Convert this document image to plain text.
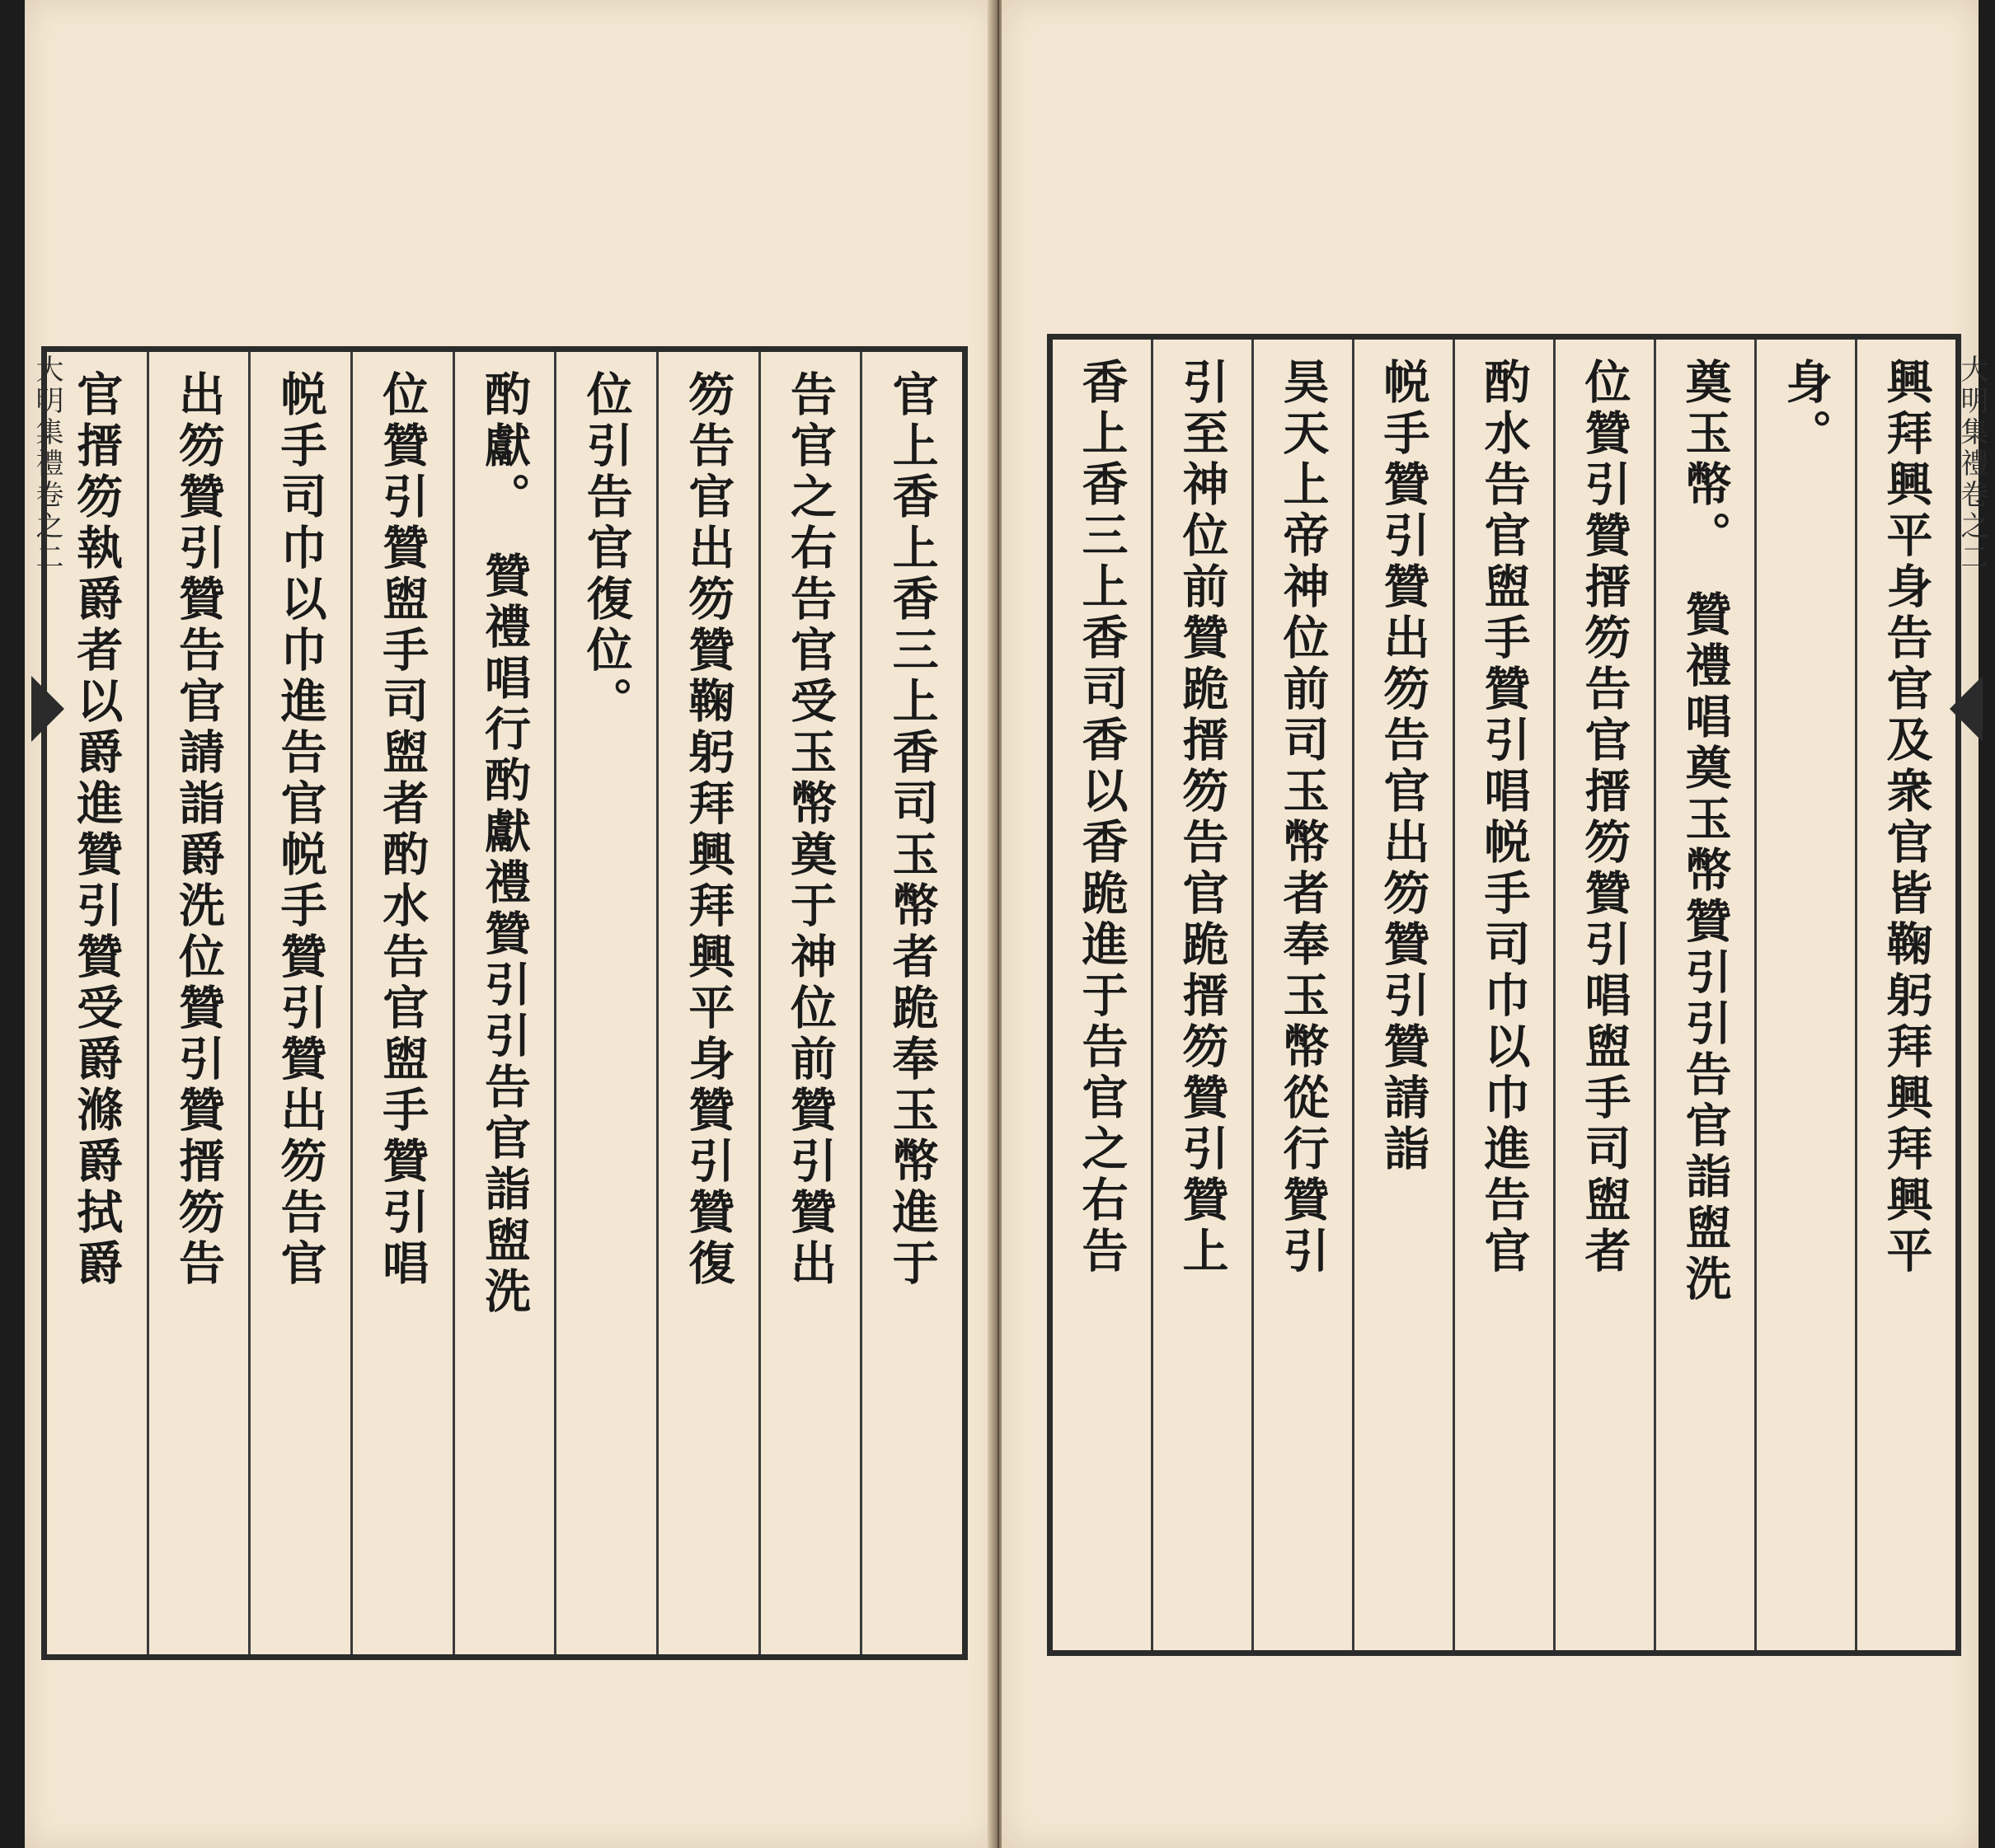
大明集禮卷之二	官上香上香三上香司玉幣者跪奉玉幣進于
告官之右告官受玉幣奠于神位前贊引贊出
笏告官出笏贊鞠躬拜興拜興平身贊引贊復
位引告官復位。
酌獻。　贊禮唱行酌獻禮贊引引告官詣盥洗
位贊引贊盥手司盥者酌水告官盥手贊引唱
帨手司巾以巾進告官帨手贊引贊出笏告官
出笏贊引贊告官請詣爵洗位贊引贊搢笏告
官搢笏執爵者以爵進贊引贊受爵滌爵拭爵	興拜興平身告官及衆官皆鞠躬拜興拜興平
身。
奠玉幣。　贊禮唱奠玉幣贊引引告官詣盥洗
位贊引贊搢笏告官搢笏贊引唱盥手司盥者
酌水告官盥手贊引唱帨手司巾以巾進告官
帨手贊引贊出笏告官出笏贊引贊請詣
昊天上帝神位前司玉幣者奉玉幣從行贊引
引至神位前贊跪搢笏告官跪搢笏贊引贊上
香上香三上香司香以香跪進于告官之右告	大明集禮卷之二
